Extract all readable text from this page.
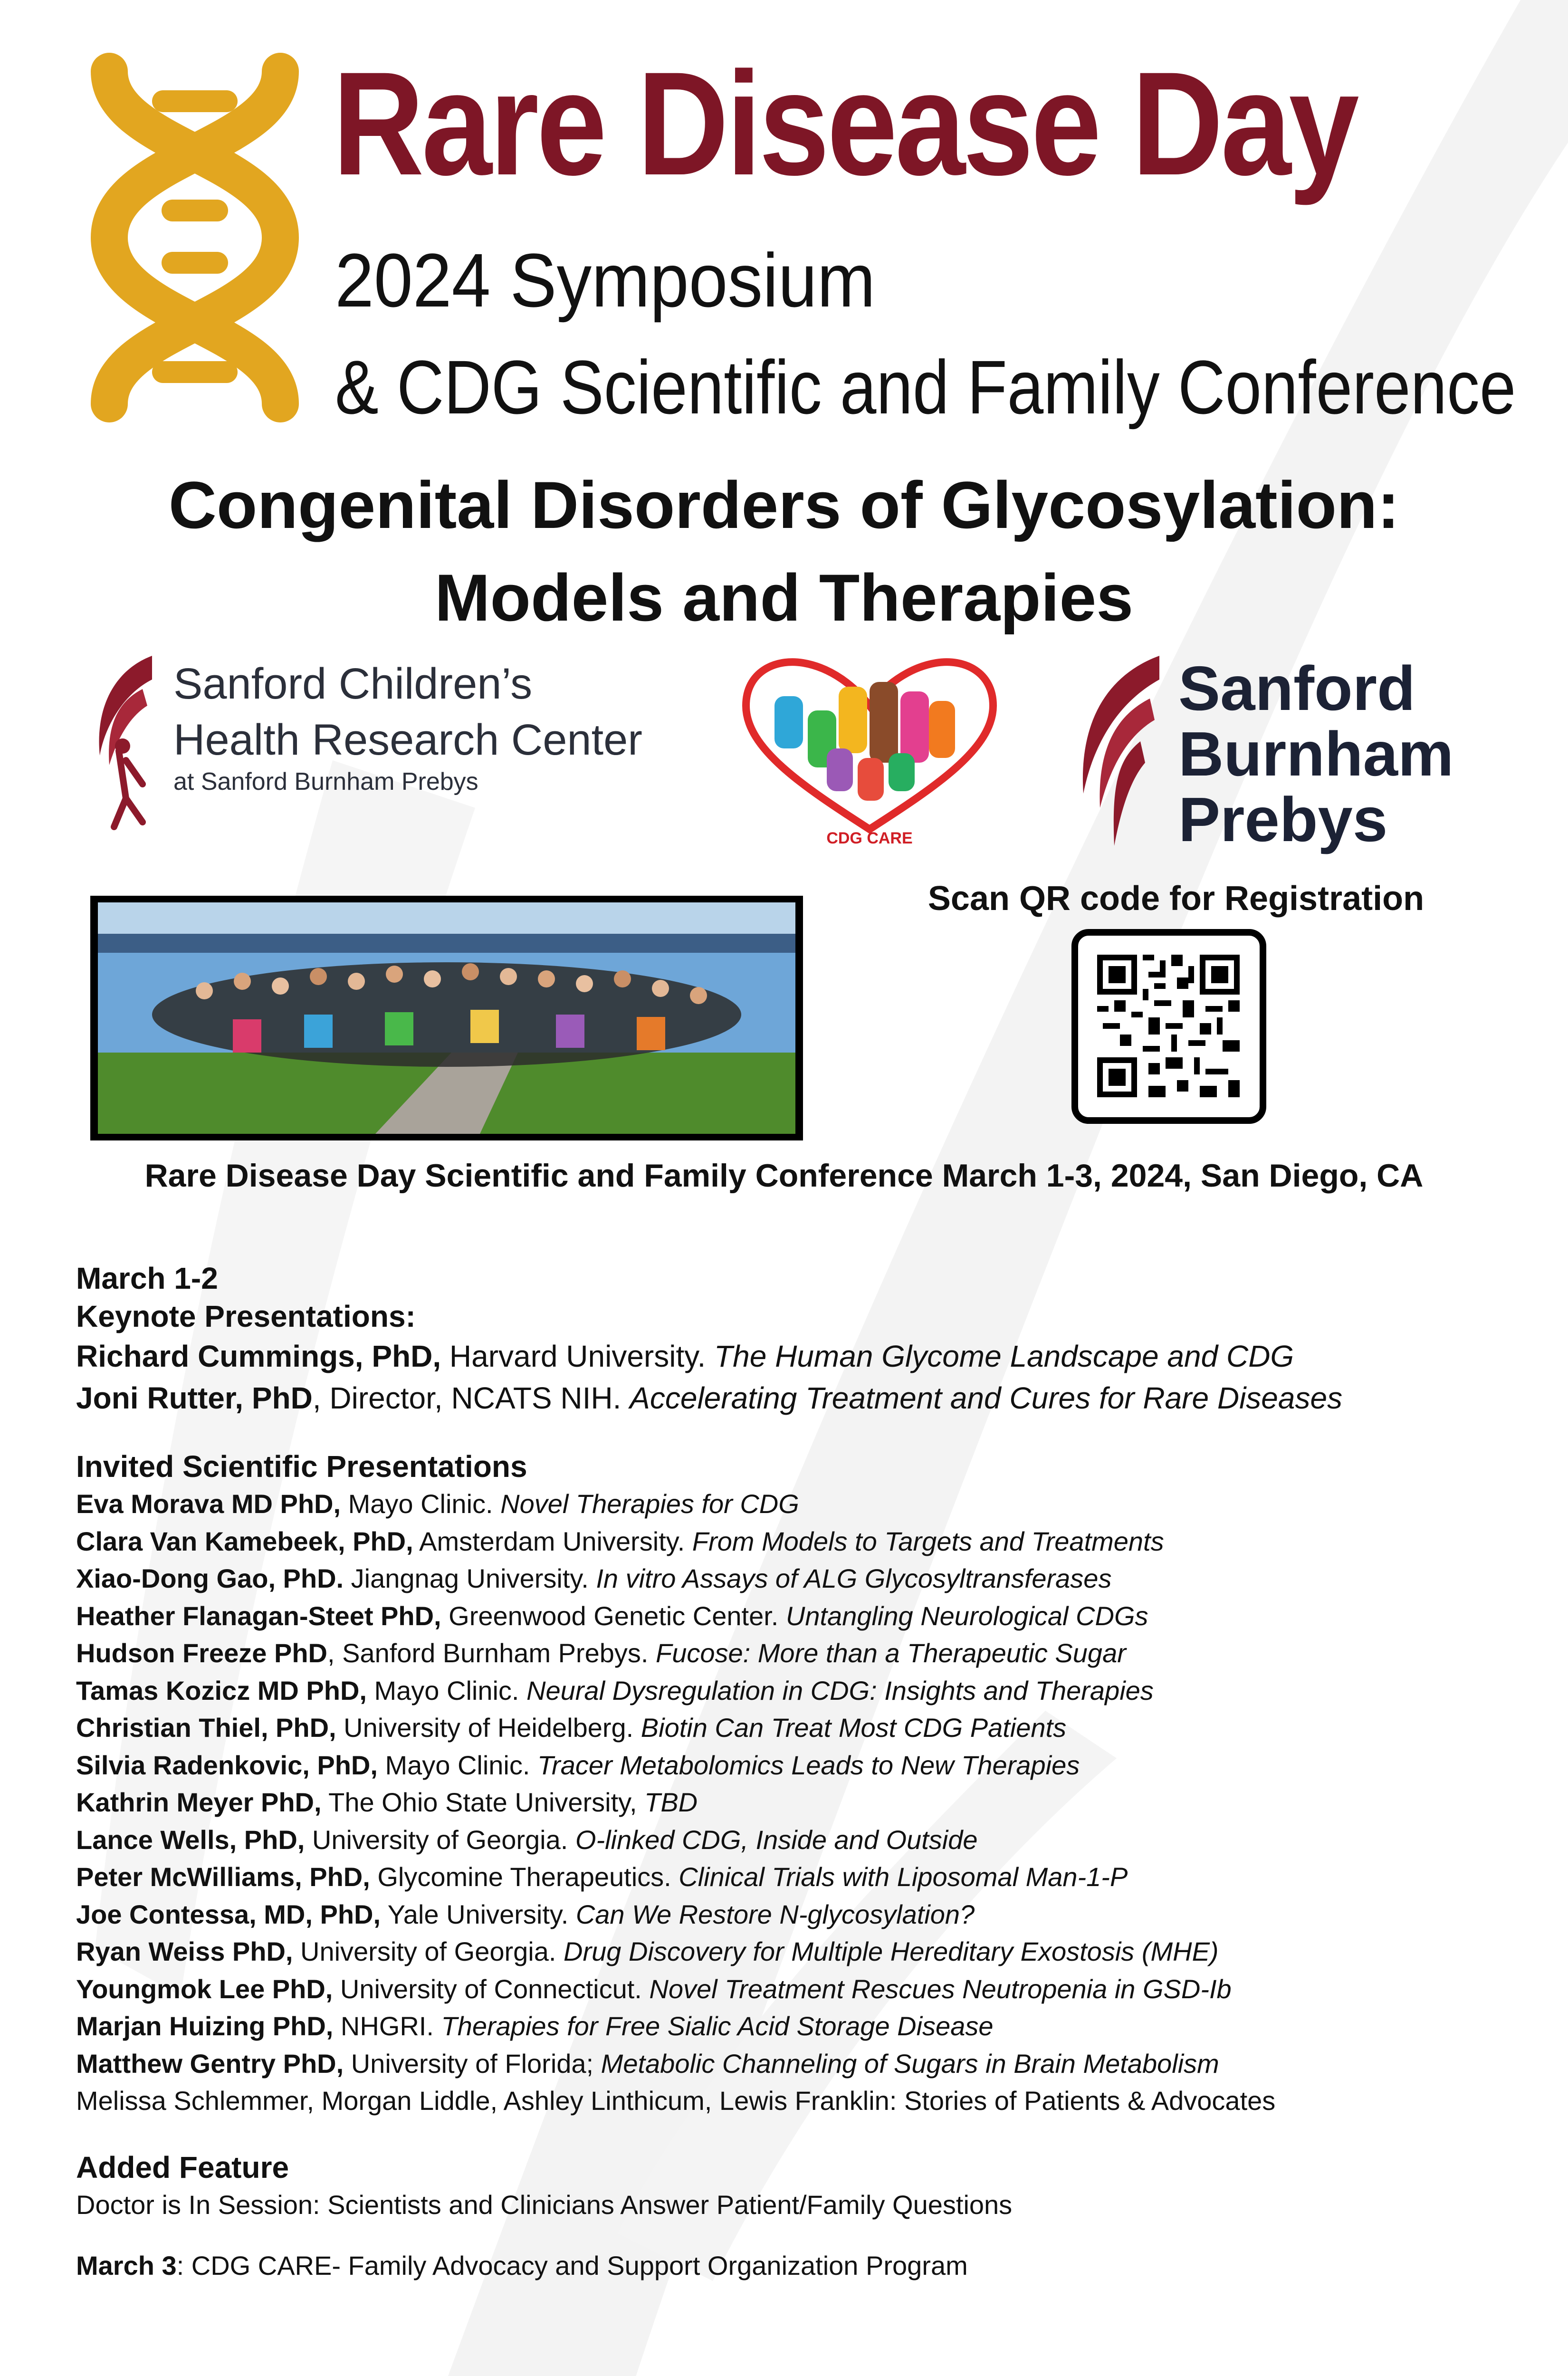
Rare Disease Day
2024 Symposium
& CDG Scientific and Family Conference
Congenital Disorders of Glycosylation:
Models and Therapies
Sanford Children’s
Health Research Center
at Sanford Burnham Prebys
CDG CARE
Sanford
Burnham
Prebys
Scan QR code for Registration
Rare Disease Day Scientific and Family Conference March 1-3, 2024, San Diego, CA
March 1-2
Keynote Presentations:
Richard Cummings, PhD, Harvard University. The Human Glycome Landscape and CDG
Joni Rutter, PhD, Director, NCATS NIH. Accelerating Treatment and Cures for Rare Diseases
Invited Scientific Presentations
Eva Morava MD PhD, Mayo Clinic. Novel Therapies for CDG
Clara Van Kamebeek, PhD, Amsterdam University. From Models to Targets and Treatments
Xiao-Dong Gao, PhD. Jiangnag University. In vitro Assays of ALG Glycosyltransferases
Heather Flanagan-Steet PhD, Greenwood Genetic Center. Untangling Neurological CDGs
Hudson Freeze PhD, Sanford Burnham Prebys. Fucose: More than a Therapeutic Sugar
Tamas Kozicz MD PhD, Mayo Clinic. Neural Dysregulation in CDG: Insights and Therapies
Christian Thiel, PhD, University of Heidelberg. Biotin Can Treat Most CDG Patients
Silvia Radenkovic, PhD, Mayo Clinic. Tracer Metabolomics Leads to New Therapies
Kathrin Meyer PhD, The Ohio State University, TBD
Lance Wells, PhD, University of Georgia. O-linked CDG, Inside and Outside
Peter McWilliams, PhD, Glycomine Therapeutics. Clinical Trials with Liposomal Man-1-P
Joe Contessa, MD, PhD, Yale University. Can We Restore N-glycosylation?
Ryan Weiss PhD, University of Georgia. Drug Discovery for Multiple Hereditary Exostosis (MHE)
Youngmok Lee PhD, University of Connecticut. Novel Treatment Rescues Neutropenia in GSD-Ib
Marjan Huizing PhD, NHGRI. Therapies for Free Sialic Acid Storage Disease
Matthew Gentry PhD, University of Florida; Metabolic Channeling of Sugars in Brain Metabolism
Melissa Schlemmer, Morgan Liddle, Ashley Linthicum, Lewis Franklin: Stories of Patients & Advocates
Added Feature
Doctor is In Session: Scientists and Clinicians Answer Patient/Family Questions
March 3: CDG CARE- Family Advocacy and Support Organization Program
